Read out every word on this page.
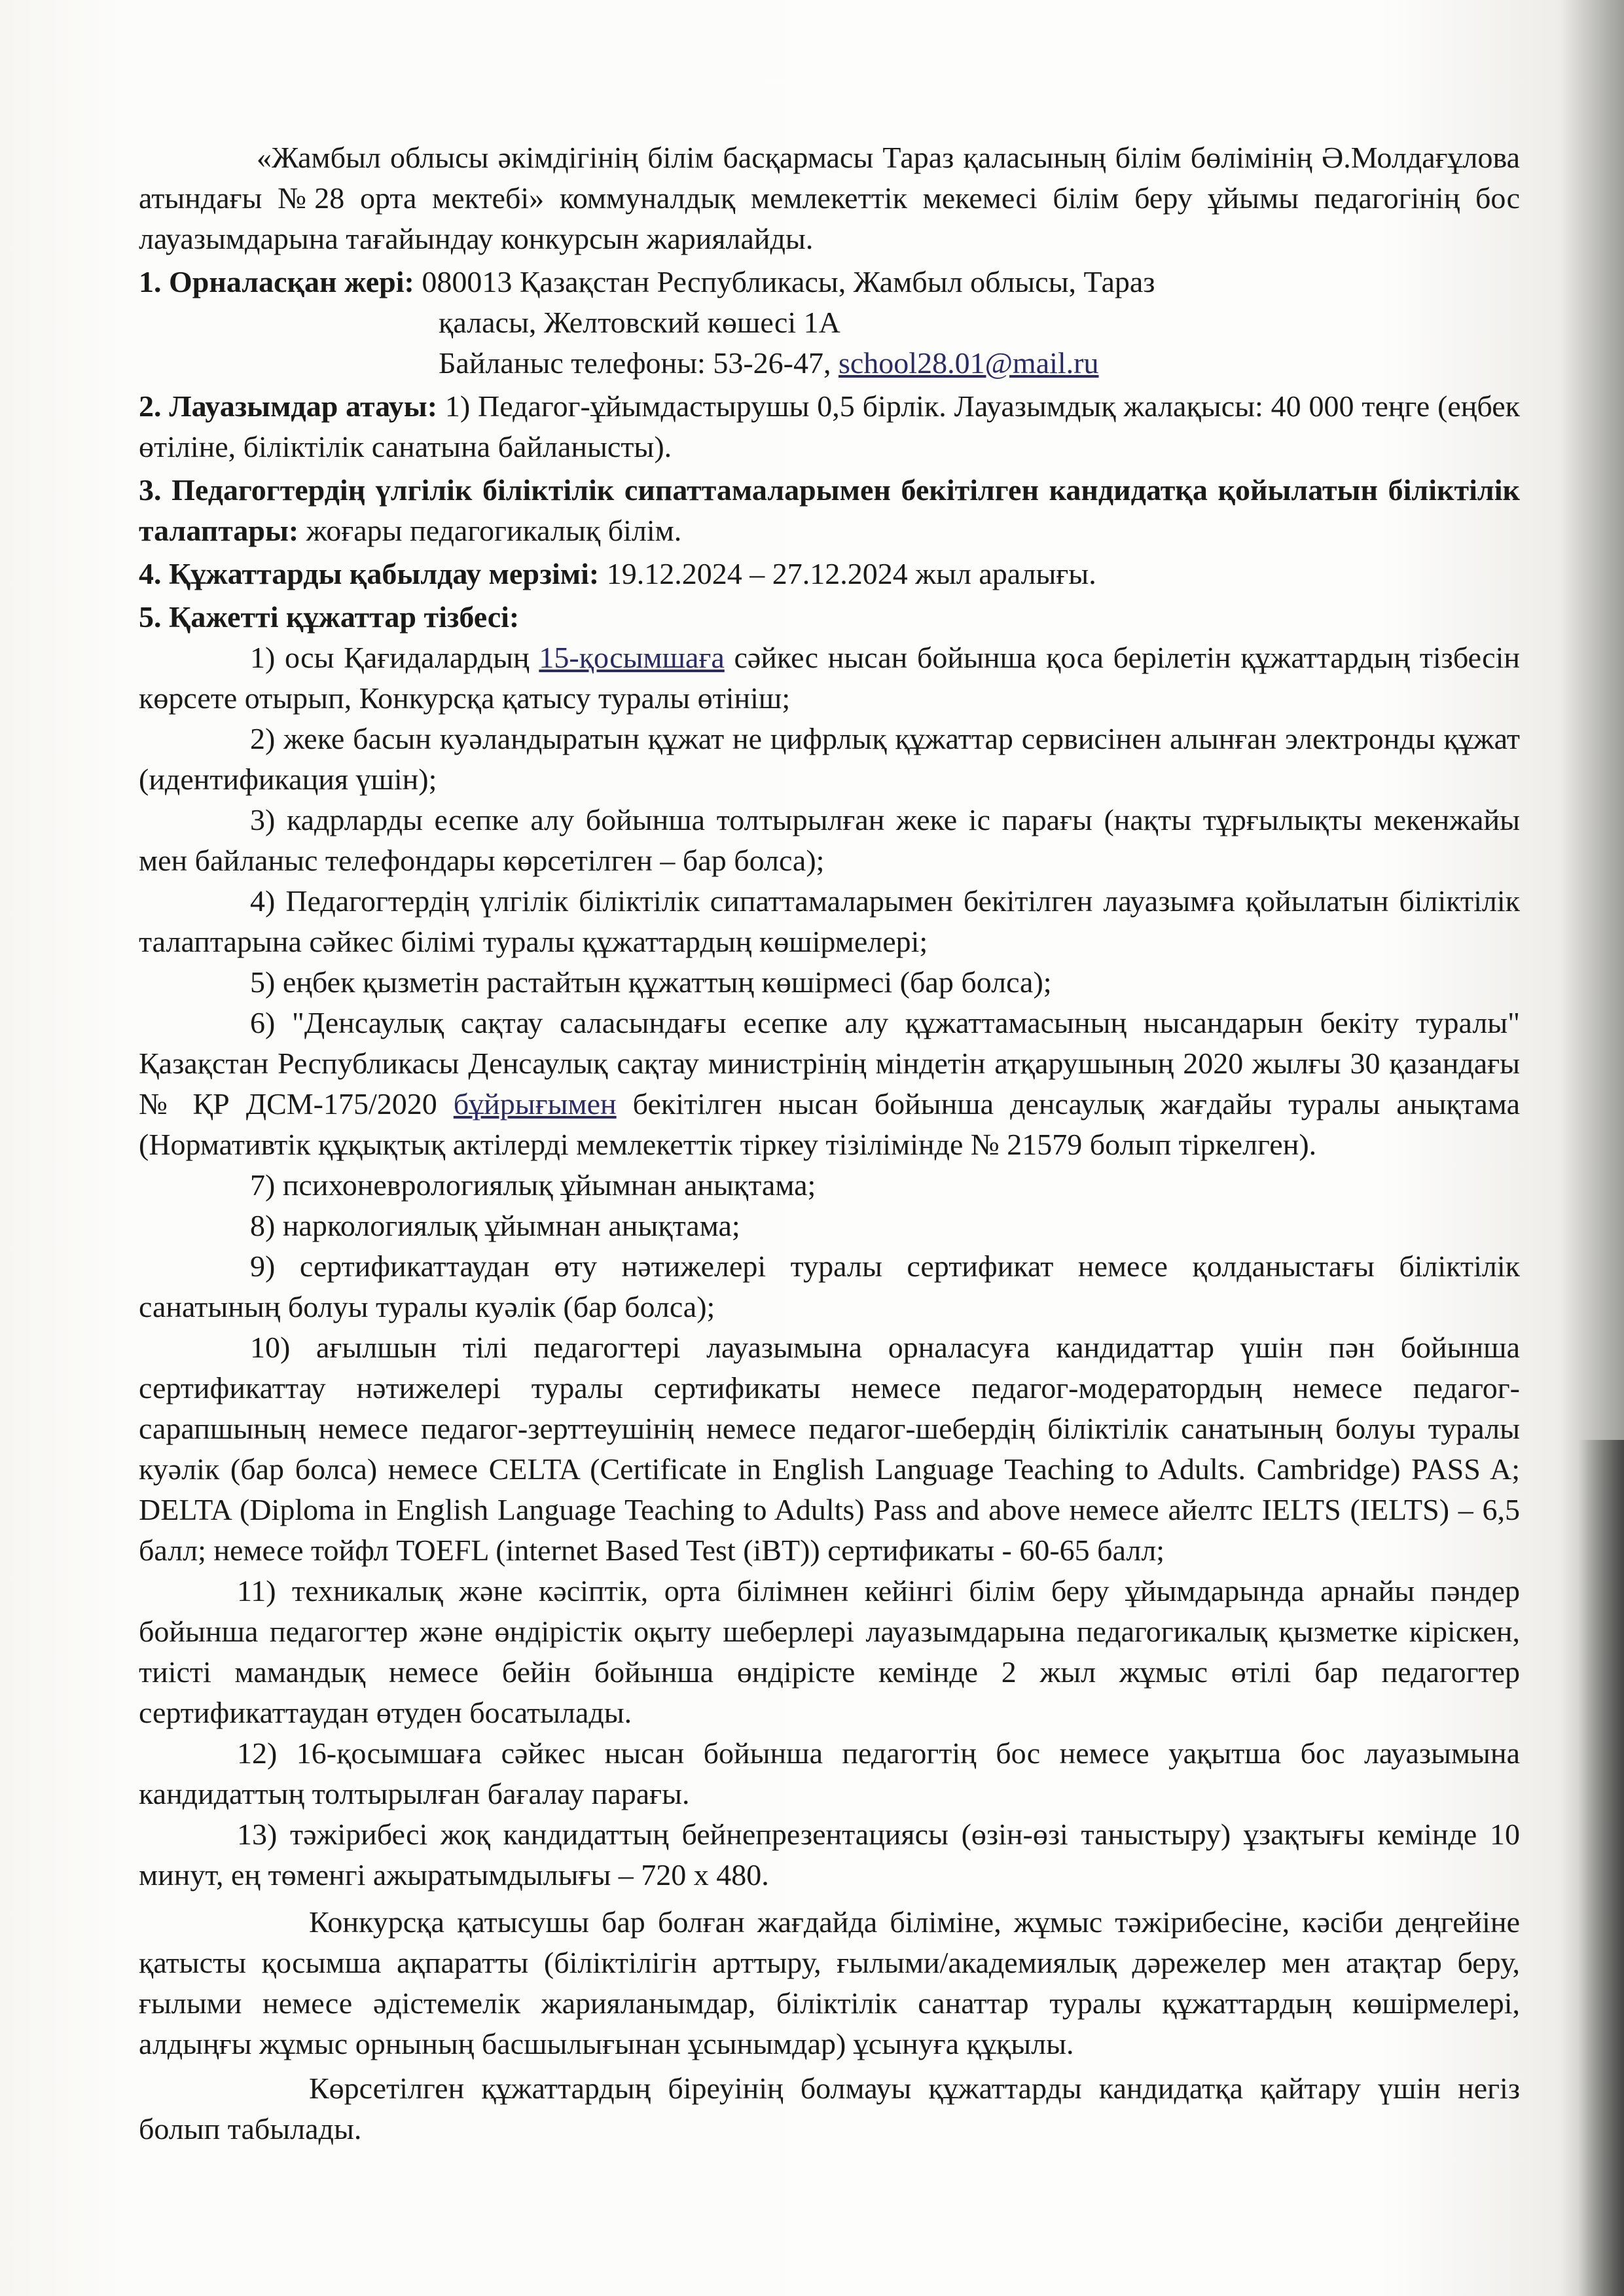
«Жамбыл облысы әкімдігінің білім басқармасы Тараз қаласының білім бөлімінің Ә.Молдағұлова атындағы №28 орта мектебі» коммуналдық мемлекеттік мекемесі білім беру ұйымы педагогінің бос лауазымдарына тағайындау конкурсын жариялайды.

1. Орналасқан жері: 080013 Қазақстан Республикасы, Жамбыл облысы, Тараз

қаласы, Желтовский көшесі 1А

Байланыс телефоны: 53-26-47, school28.01@mail.ru

2. Лауазымдар атауы: 1) Педагог-ұйымдастырушы 0,5 бірлік. Лауазымдық жалақысы: 40 000 теңге (еңбек өтіліне, біліктілік санатына байланысты).

3. Педагогтердің үлгілік біліктілік сипаттамаларымен бекітілген кандидатқа қойылатын біліктілік талаптары: жоғары педагогикалық білім.

4. Құжаттарды қабылдау мерзімі: 19.12.2024 – 27.12.2024 жыл аралығы.

5. Қажетті құжаттар тізбесі:

1) осы Қағидалардың 15-қосымшаға сәйкес нысан бойынша қоса берілетін құжаттардың тізбесін көрсете отырып, Конкурсқа қатысу туралы өтініш;

2) жеке басын куәландыратын құжат не цифрлық құжаттар сервисінен алынған электронды құжат (идентификация үшін);

3) кадрларды есепке алу бойынша толтырылған жеке іс парағы (нақты тұрғылықты мекенжайы мен байланыс телефондары көрсетілген – бар болса);

4) Педагогтердің үлгілік біліктілік сипаттамаларымен бекітілген лауазымға қойылатын біліктілік талаптарына сәйкес білімі туралы құжаттардың көшірмелері;

5) еңбек қызметін растайтын құжаттың көшірмесі (бар болса);

6) "Денсаулық сақтау саласындағы есепке алу құжаттамасының нысандарын бекіту туралы" Қазақстан Республикасы Денсаулық сақтау министрінің міндетін атқарушының 2020 жылғы 30 қазандағы № ҚР ДСМ-175/2020 бұйрығымен бекітілген нысан бойынша денсаулық жағдайы туралы анықтама (Нормативтік құқықтық актілерді мемлекеттік тіркеу тізілімінде № 21579 болып тіркелген).

7) психоневрологиялық ұйымнан анықтама;

8) наркологиялық ұйымнан анықтама;

9) сертификаттаудан өту нәтижелері туралы сертификат немесе қолданыстағы біліктілік санатының болуы туралы куәлік (бар болса);

10) ағылшын тілі педагогтері лауазымына орналасуға кандидаттар үшін пән бойынша сертификаттау нәтижелері туралы сертификаты немесе педагог-модератордың немесе педагог-сарапшының немесе педагог-зерттеушінің немесе педагог-шебердің біліктілік санатының болуы туралы куәлік (бар болса) немесе CELTA (Certificate in English Language Teaching to Adults. Cambridge) PASS A; DELTA (Diploma in English Language Teaching to Adults) Pass and above немесе айелтс IELTS (IELTS) – 6,5 балл; немесе тойфл TOEFL (internet Based Test (iBT)) сертификаты - 60-65 балл;

11) техникалық және кәсіптік, орта білімнен кейінгі білім беру ұйымдарында арнайы пәндер бойынша педагогтер және өндірістік оқыту шеберлері лауазымдарына педагогикалық қызметке кіріскен, тиісті мамандық немесе бейін бойынша өндірісте кемінде 2 жыл жұмыс өтілі бар педагогтер сертификаттаудан өтуден босатылады.

12) 16-қосымшаға сәйкес нысан бойынша педагогтің бос немесе уақытша бос лауазымына кандидаттың толтырылған бағалау парағы.

13) тәжірибесі жоқ кандидаттың бейнепрезентациясы (өзін-өзі таныстыру) ұзақтығы кемінде 10 минут, ең төменгі ажыратымдылығы – 720 x 480.

Конкурсқа қатысушы бар болған жағдайда біліміне, жұмыс тәжірибесіне, кәсіби деңгейіне қатысты қосымша ақпаратты (біліктілігін арттыру, ғылыми/академиялық дәрежелер мен атақтар беру, ғылыми немесе әдістемелік жарияланымдар, біліктілік санаттар туралы құжаттардың көшірмелері, алдыңғы жұмыс орнының басшылығынан ұсынымдар) ұсынуға құқылы.

Көрсетілген құжаттардың біреуінің болмауы құжаттарды кандидатқа қайтару үшін негіз болып табылады.
